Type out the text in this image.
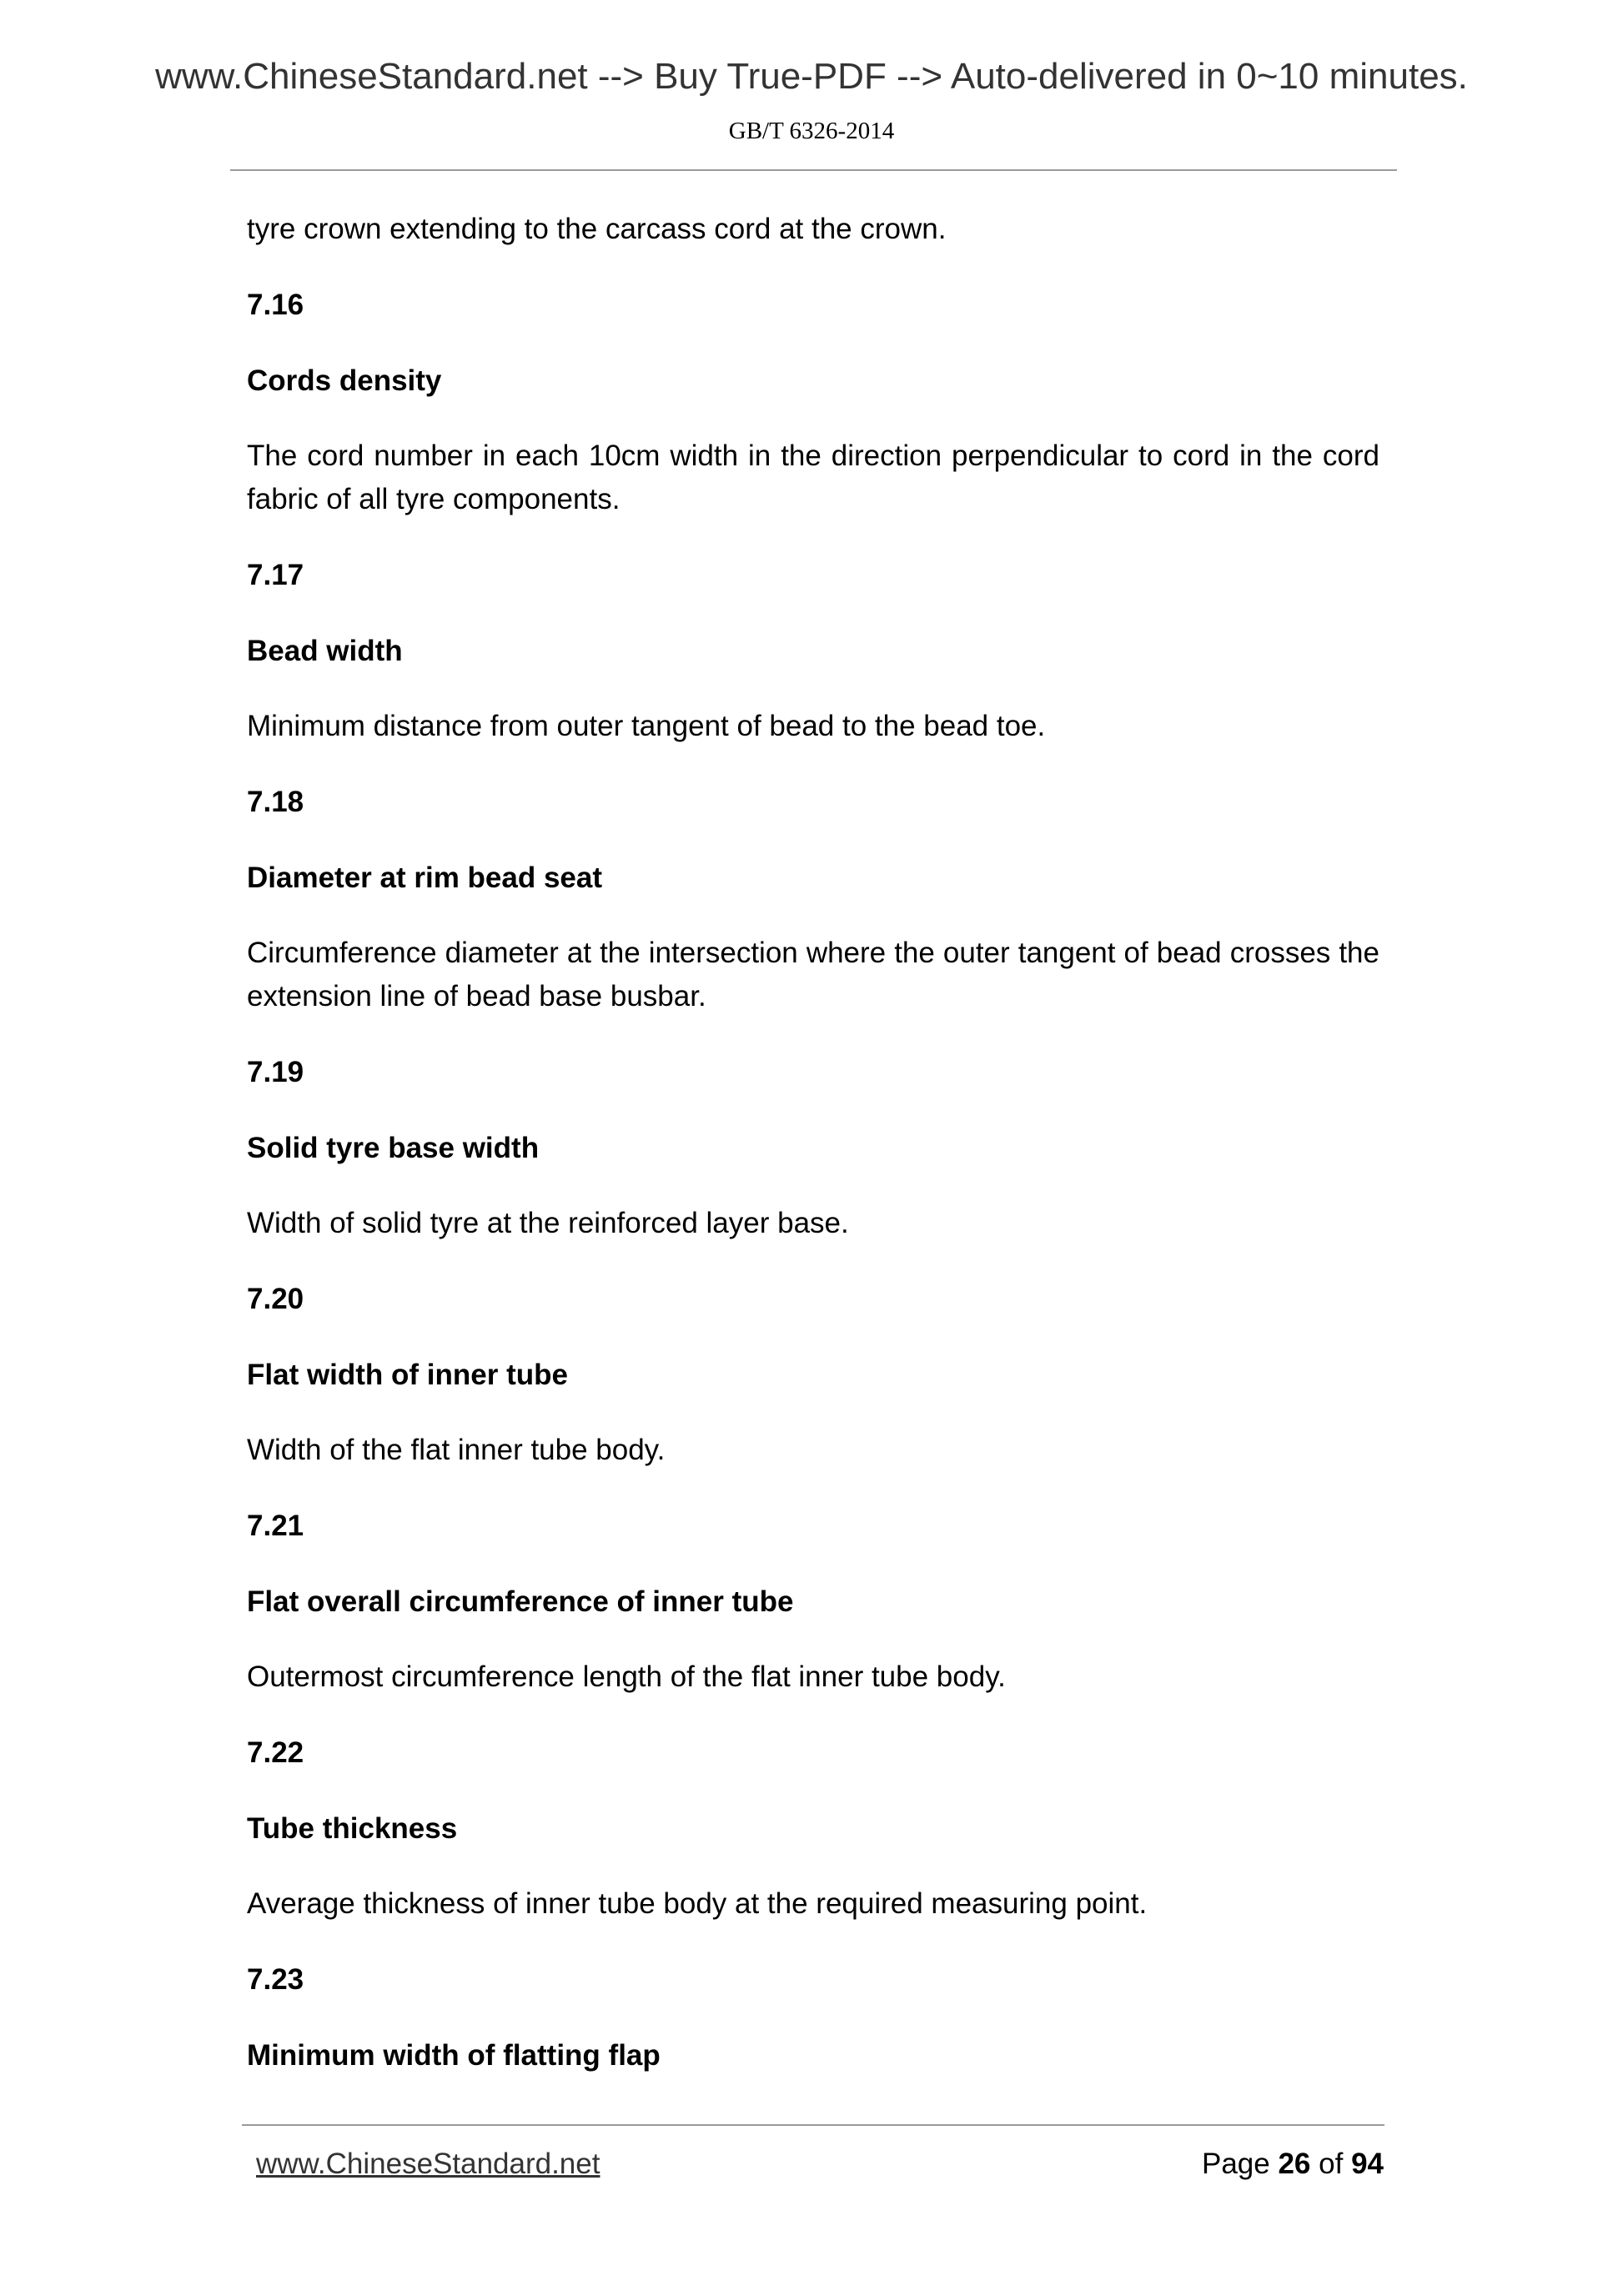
www.ChineseStandard.net --> Buy True-PDF --> Auto-delivered in 0~10 minutes.
GB/T 6326-2014

tyre crown extending to the carcass cord at the crown.

7.16

Cords density

The cord number in each 10cm width in the direction perpendicular to cord in the cord fabric of all tyre components.

7.17

Bead width

Minimum distance from outer tangent of bead to the bead toe.

7.18

Diameter at rim bead seat

Circumference diameter at the intersection where the outer tangent of bead crosses the extension line of bead base busbar.

7.19

Solid tyre base width

Width of solid tyre at the reinforced layer base.

7.20

Flat width of inner tube

Width of the flat inner tube body.

7.21

Flat overall circumference of inner tube

Outermost circumference length of the flat inner tube body.

7.22

Tube thickness

Average thickness of inner tube body at the required measuring point.

7.23

Minimum width of flatting flap

www.ChineseStandard.net	Page 26 of 94
